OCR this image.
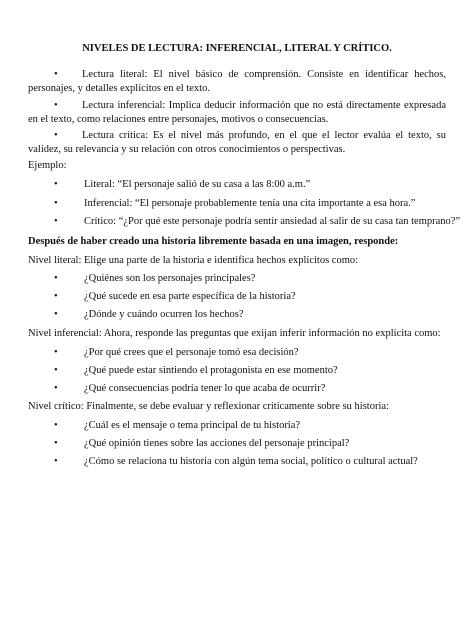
NIVELES DE LECTURA: INFERENCIAL, LITERAL Y CRÍTICO.
• Lectura literal: El nivel básico de comprensión. Consiste en identificar hechos, personajes, y detalles explícitos en el texto.
• Lectura inferencial: Implica deducir información que no está directamente expresada en el texto, como relaciones entre personajes, motivos o consecuencias.
• Lectura crítica: Es el nivel más profundo, en el que el lector evalúa el texto, su validez, su relevancia y su relación con otros conocimientos o perspectivas.
Ejemplo:
•	Literal: “El personaje salió de su casa a las 8:00 a.m.”
•	Inferencial: “El personaje probablemente tenía una cita importante a esa hora.”
•	Crítico: “¿Por qué este personaje podría sentir ansiedad al salir de su casa tan temprano?”
Después de haber creado una historia libremente basada en una imagen, responde:
Nivel literal: Elige una parte de la historia e identifica hechos explícitos como:
•	¿Quiénes son los personajes principales?
•	¿Qué sucede en esa parte específica de la historia?
•	¿Dónde y cuándo ocurren los hechos?
Nivel inferencial: Ahora, responde las preguntas que exijan inferir información no explícita como:
•	¿Por qué crees que el personaje tomó esa decisión?
•	¿Qué puede estar sintiendo el protagonista en ese momento?
•	¿Qué consecuencias podría tener lo que acaba de ocurrir?
Nivel crítico: Finalmente, se debe evaluar y reflexionar críticamente sobre su historia:
•	¿Cuál es el mensaje o tema principal de tu historia?
•	¿Qué opinión tienes sobre las acciones del personaje principal?
•	¿Cómo se relaciona tu historia con algún tema social, político o cultural actual?
